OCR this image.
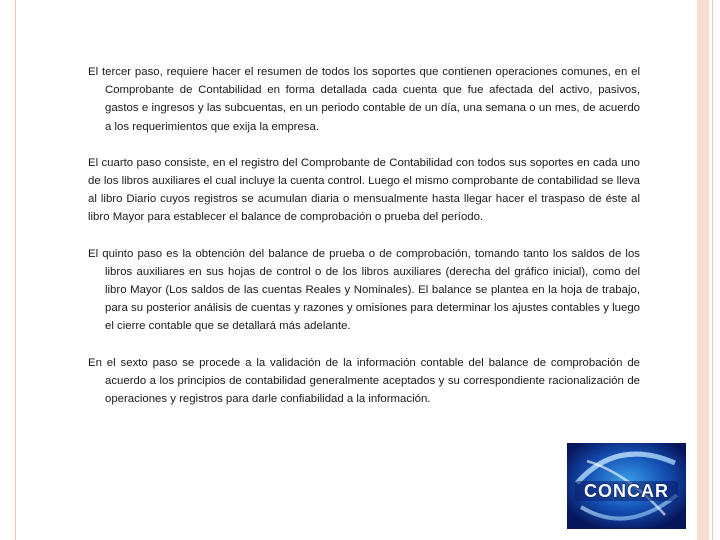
El tercer paso, requiere hacer el resumen de todos los soportes que contienen operaciones comunes, en el Comprobante de Contabilidad en forma detallada cada cuenta que fue afectada del activo, pasivos, gastos e ingresos y las subcuentas, en un periodo contable de un día, una semana o un mes, de acuerdo a los requerimientos que exija la empresa.

El cuarto paso consiste, en el registro del Comprobante de Contabilidad con todos sus soportes en cada uno de los libros auxiliares el cual incluye la cuenta control. Luego el mismo comprobante de contabilidad se lleva al libro Diario cuyos registros se acumulan diaria o mensualmente hasta llegar hacer el traspaso de éste al libro Mayor para establecer el balance de comprobación o prueba del período.

El quinto paso es la obtención del balance de prueba o de comprobación, tomando tanto los saldos de los libros auxiliares en sus hojas de control o de los libros auxiliares (derecha del gráfico inicial), como del libro Mayor (Los saldos de las cuentas Reales y Nominales). El balance se plantea en la hoja de trabajo, para su posterior análisis de cuentas y razones y omisiones para determinar los ajustes contables y luego el cierre contable que se detallará más adelante.

En el sexto paso se procede a la validación de la información contable del balance de comprobación de acuerdo a los principios de contabilidad generalmente aceptados y su correspondiente racionalización de operaciones y registros para darle confiabilidad a la información.

CONCAR
